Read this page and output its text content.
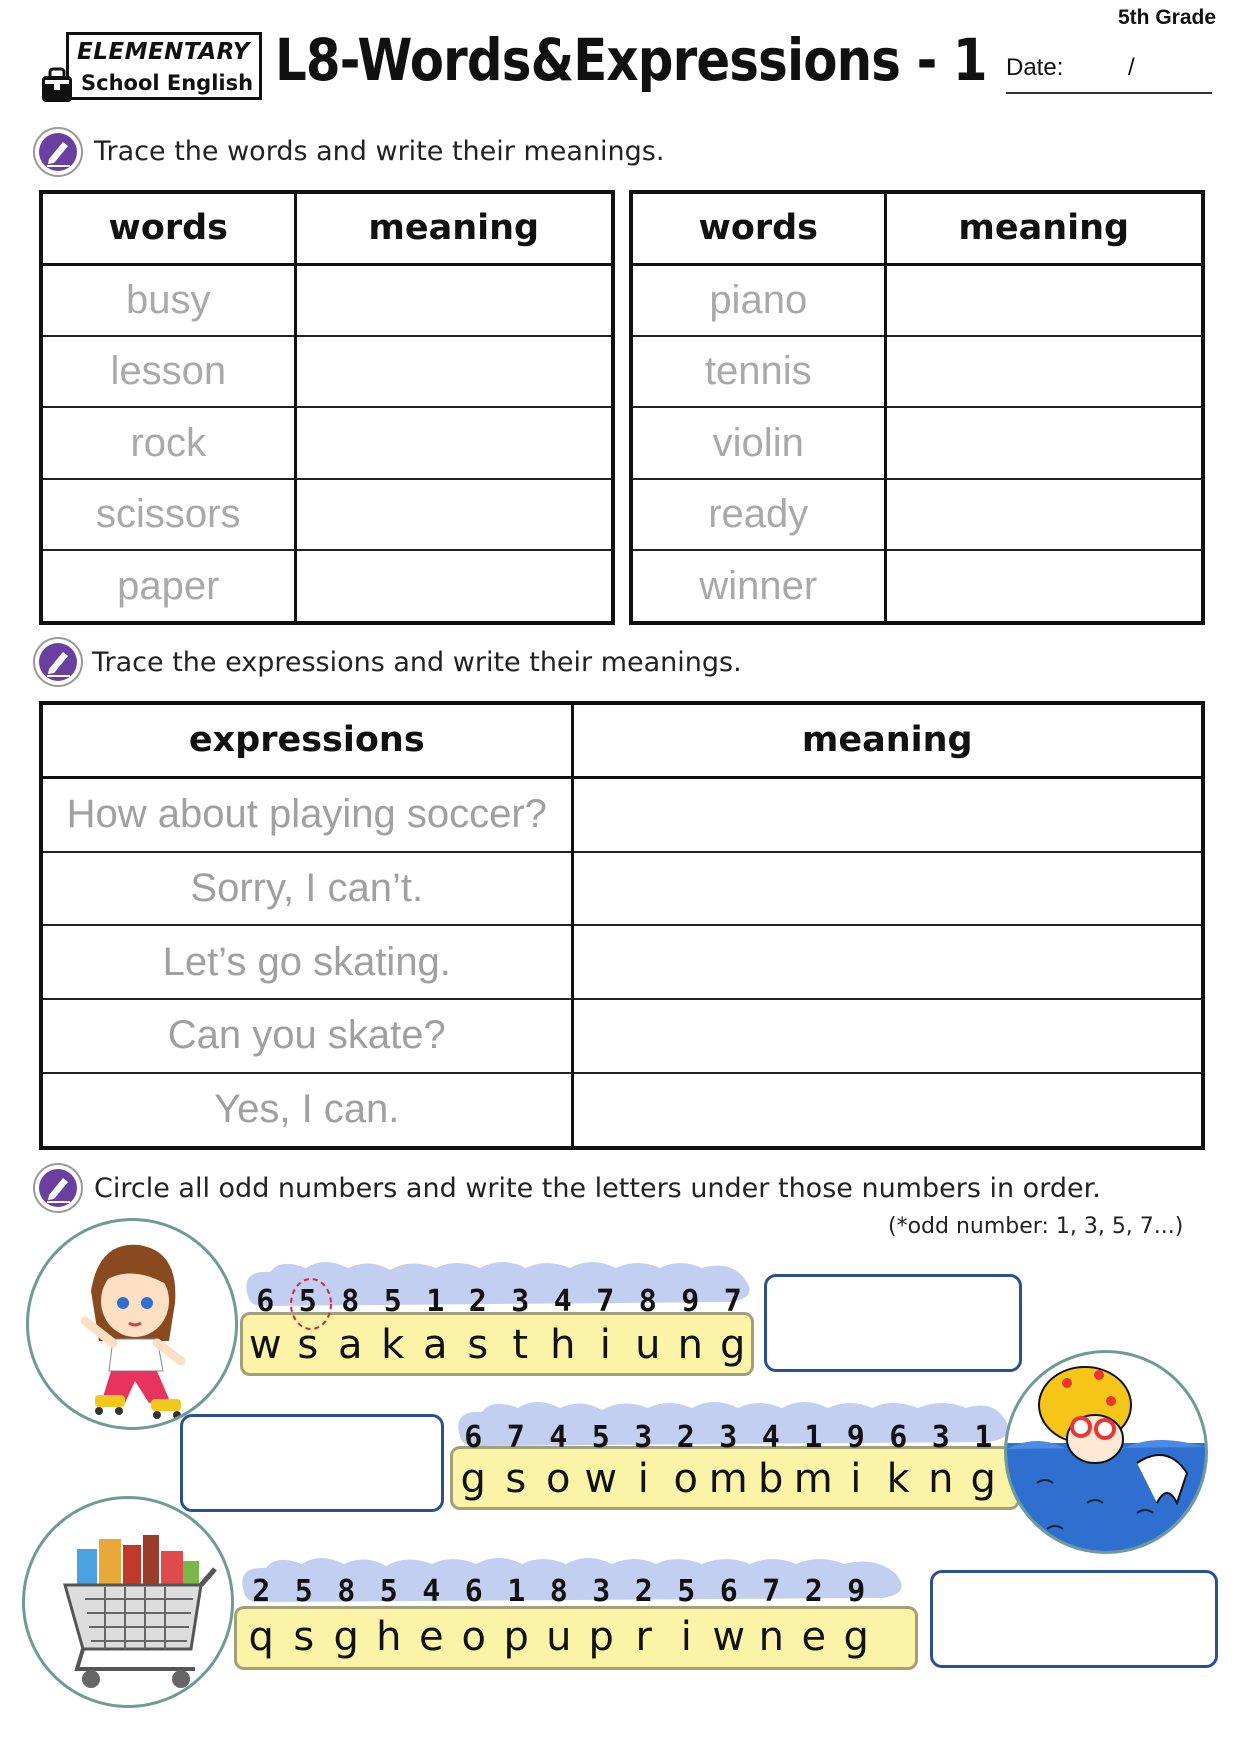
5th Grade
ELEMENTARY
School English L8-Words&Expressions - 1 Date:	/
Trace the words and write their meanings.
words	meaning
busy	
lesson	
rock	
scissors	
paper	
words	meaning
piano	
tennis	
violin	
ready	
winner	
Trace the expressions and write their meanings.
expressions	meaning
How about playing soccer?	
Sorry, I can’t.	
Let’s go skating.	
Can you skate?	
Yes, I can.	
Circle all odd numbers and write the letters under those numbers in order.
(*odd number: 1, 3, 5, 7...)
6 5 8 5 1 2 3 4 7 8 9 7
w s a k a s t h i u n g
6 7 4 5 3 2 3 4 1 9 6 3 1
g s o w i o m b m i k n g
2 5 8 5 4 6 1 8 3 2 5 6 7 2 9
q s g h e o p u p r i w n e g
